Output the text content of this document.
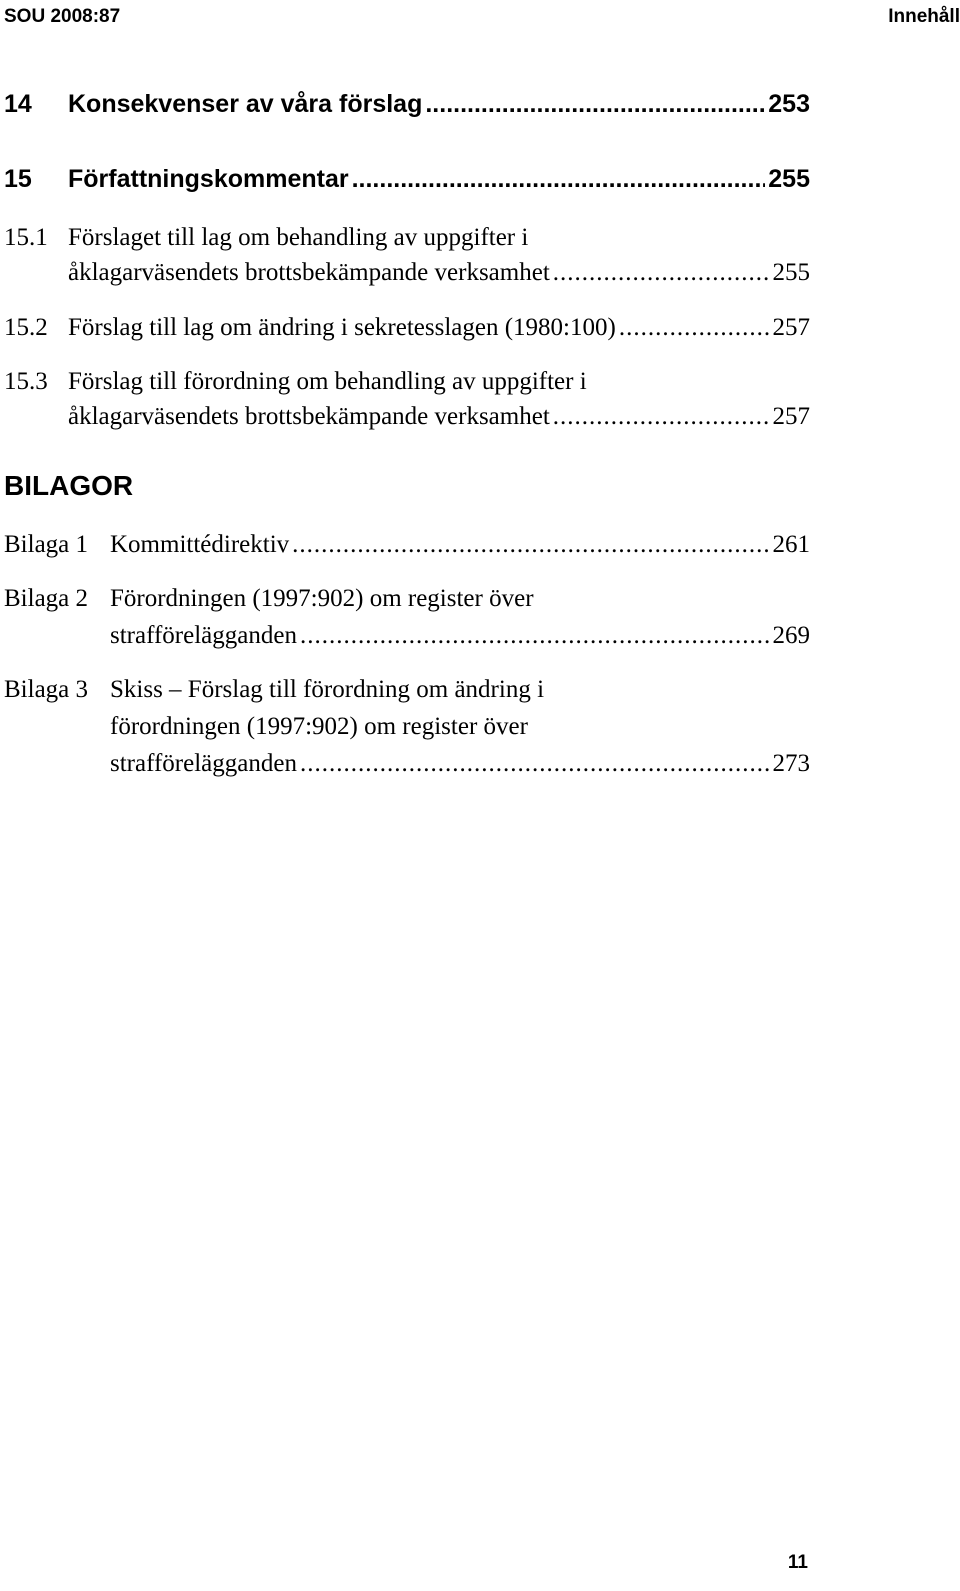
SOU 2008:87	Innehåll
14	Konsekvenser av våra förslag .....	253
15	Författningskommentar .....	255
15.1 Förslaget till lag om behandling av uppgifter i
åklagarväsendets brottsbekämpande verksamhet .....	255
15.2 Förslag till lag om ändring i sekretesslagen (1980:100) .....	257
15.3 Förslag till förordning om behandling av uppgifter i
åklagarväsendets brottsbekämpande verksamhet .....	257
BILAGOR
Bilaga 1 Kommittédirektiv .....	261
Bilaga 2 Förordningen (1997:902) om register över
strafförelägganden .....	269
Bilaga 3 Skiss – Förslag till förordning om ändring i
förordningen (1997:902) om register över
strafförelägganden .....	273
11
